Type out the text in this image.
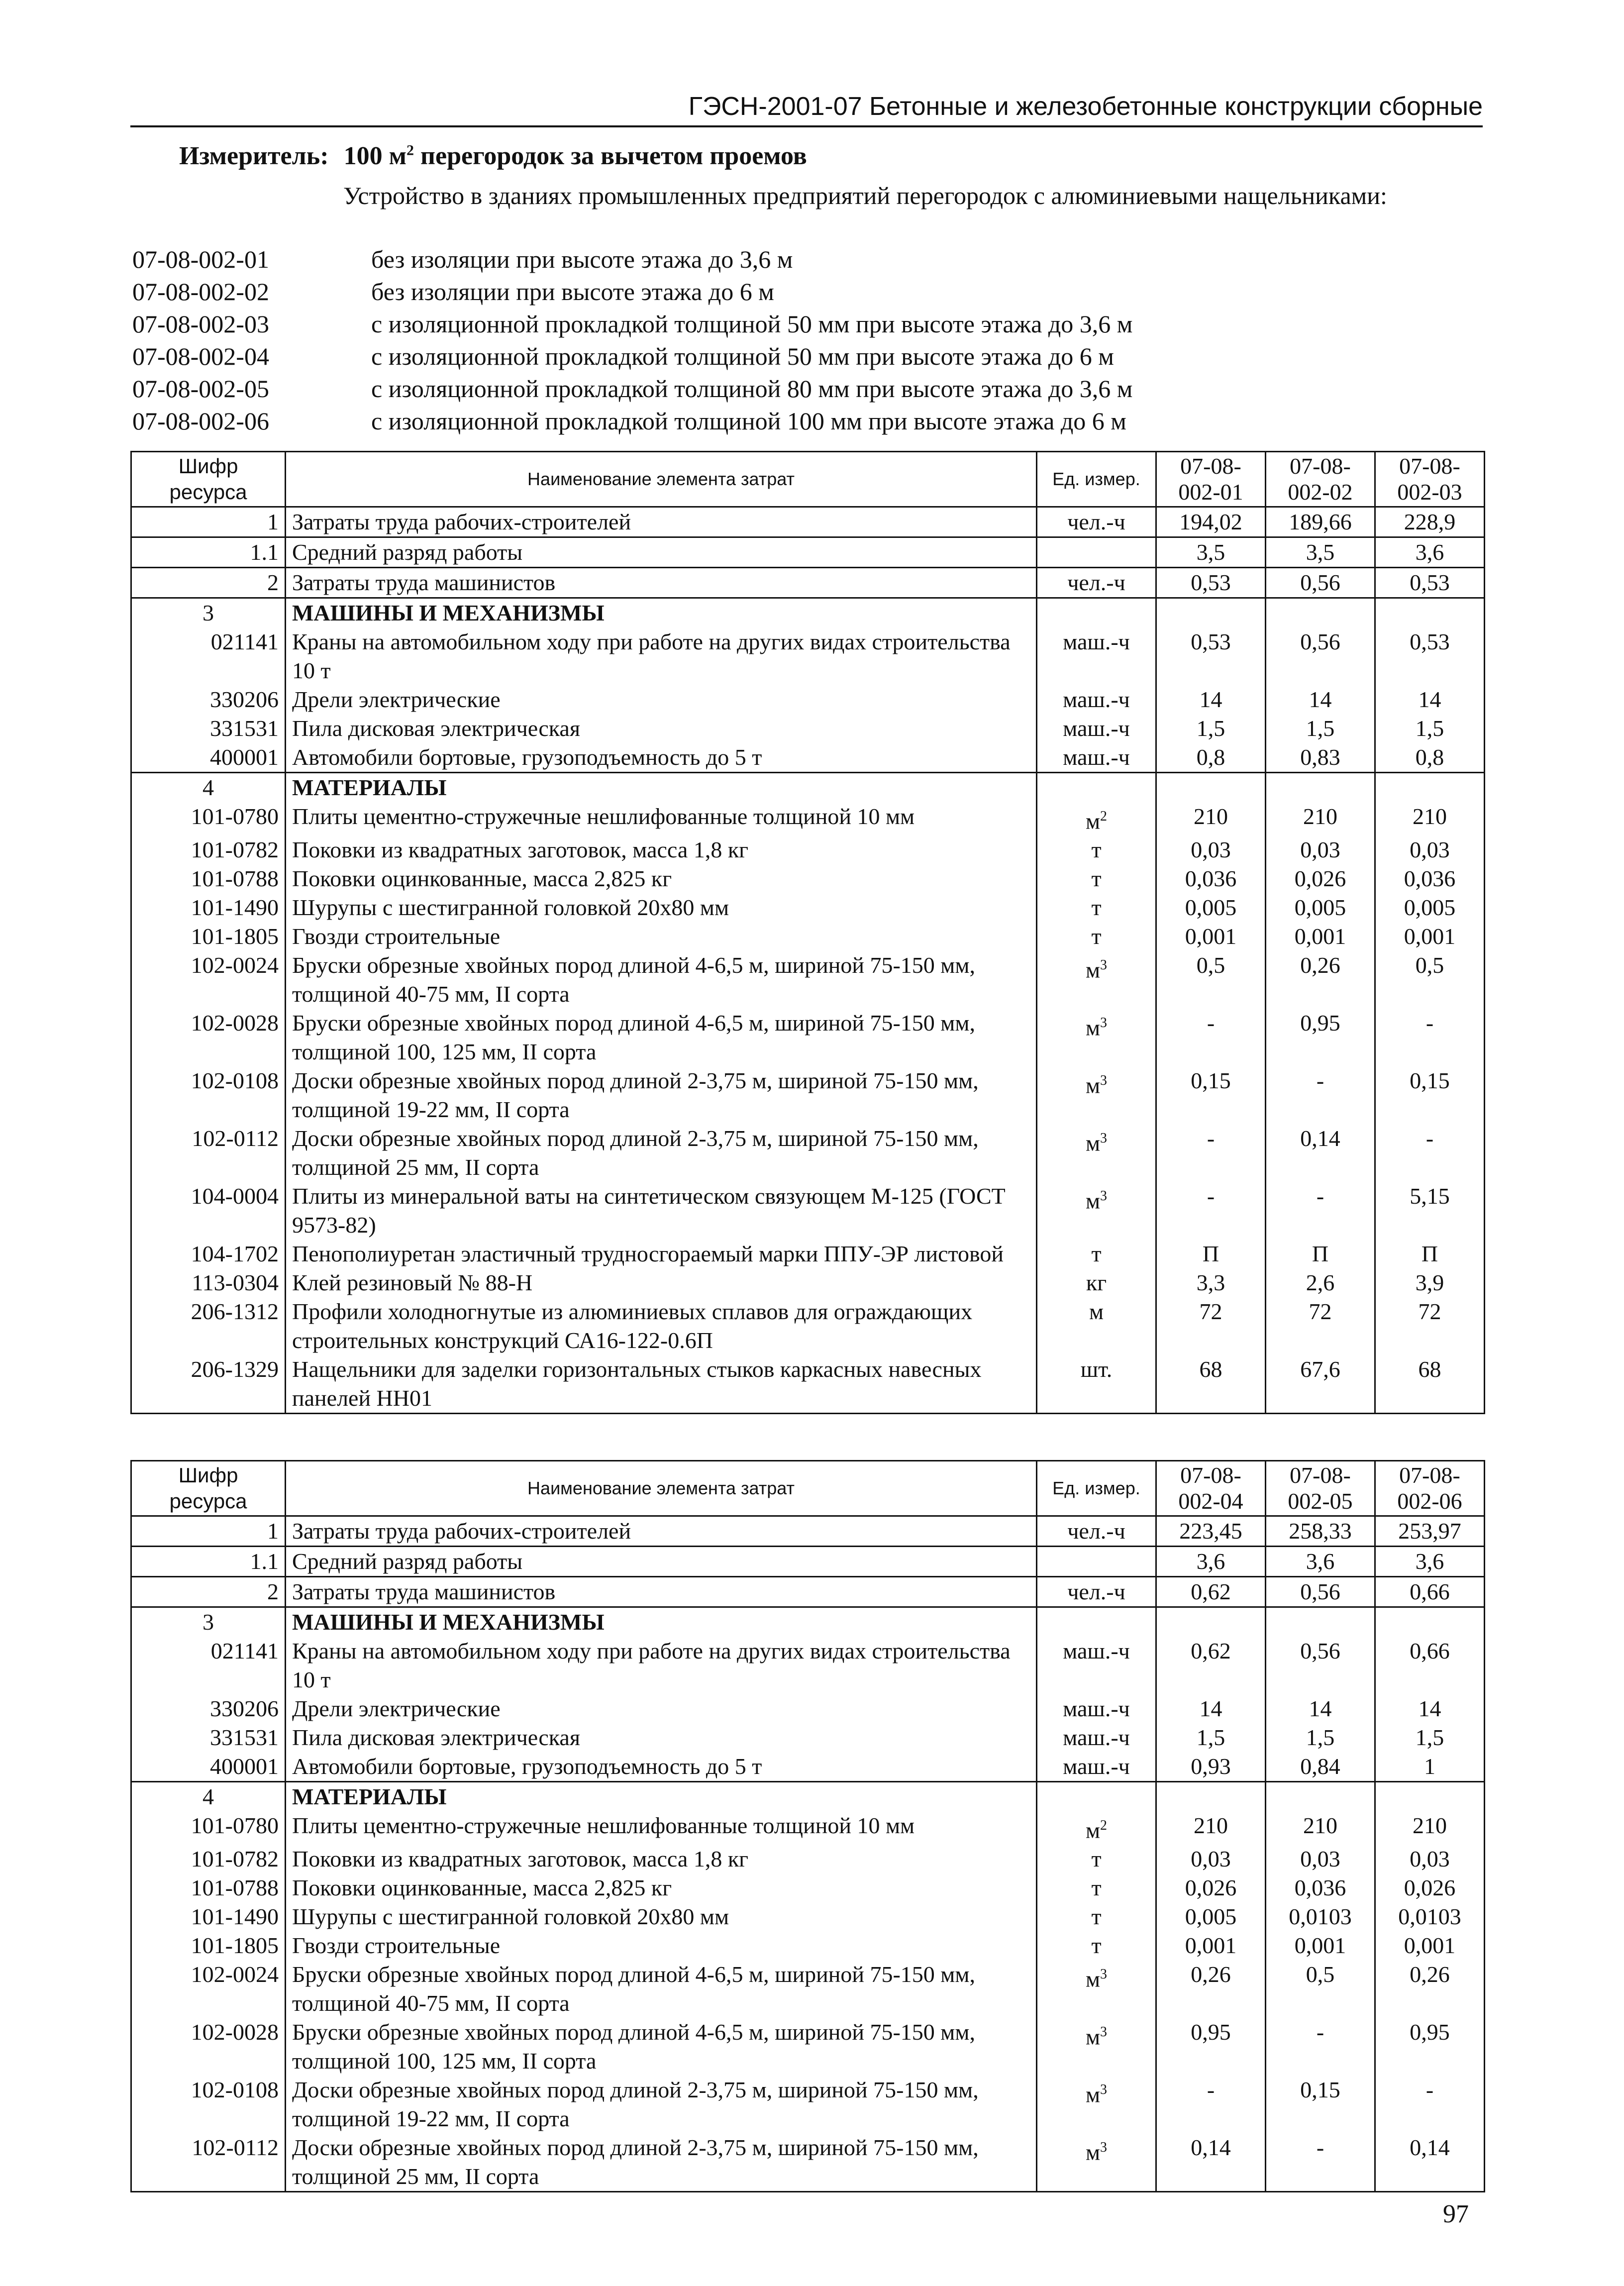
ГЭСН-2001-07 Бетонные и железобетонные конструкции сборные
Измеритель: 100 $м^2$ перегородок за вычетом проемов
Устройство в зданиях промышленных предприятий перегородок с алюминиевыми нащельниками:
07-08-002-01	без изоляции при высоте этажа до 3,6 м
07-08-002-02	без изоляции при высоте этажа до 6 м
07-08-002-03	с изоляционной прокладкой толщиной 50 мм при высоте этажа до 3,6 м
07-08-002-04	с изоляционной прокладкой толщиной 50 мм при высоте этажа до 6 м
07-08-002-05	с изоляционной прокладкой толщиной 80 мм при высоте этажа до 3,6 м
07-08-002-06	с изоляционной прокладкой толщиной 100 мм при высоте этажа до 6 м
Шифр ресурса	Наименование элемента затрат	Ед. измер.	07-08-002-01	07-08-002-02	07-08-002-03
1	Затраты труда рабочих-строителей	чел.-ч	194,02	189,66	228,9
1.1	Средний разряд работы		3,5	3,5	3,6
2	Затраты труда машинистов	чел.-ч	0,53	0,56	0,53
3	МАШИНЫ И МЕХАНИЗМЫ				
021141	Краны на автомобильном ходу при работе на других видах строительства 10 т	маш.-ч	0,53	0,56	0,53
330206	Дрели электрические	маш.-ч	14	14	14
331531	Пила дисковая электрическая	маш.-ч	1,5	1,5	1,5
400001	Автомобили бортовые, грузоподъемность до 5 т	маш.-ч	0,8	0,83	0,8
4	МАТЕРИАЛЫ				
101-0780	Плиты цементно-стружечные нешлифованные толщиной 10 мм	$м^2$	210	210	210
101-0782	Поковки из квадратных заготовок, масса 1,8 кг	т	0,03	0,03	0,03
101-0788	Поковки оцинкованные, масса 2,825 кг	т	0,036	0,026	0,036
101-1490	Шурупы с шестигранной головкой 20х80 мм	т	0,005	0,005	0,005
101-1805	Гвозди строительные	т	0,001	0,001	0,001
102-0024	Бруски обрезные хвойных пород длиной 4-6,5 м, шириной 75-150 мм, толщиной 40-75 мм, II сорта	$м^3$	0,5	0,26	0,5
102-0028	Бруски обрезные хвойных пород длиной 4-6,5 м, шириной 75-150 мм, толщиной 100, 125 мм, II сорта	$м^3$	-	0,95	-
102-0108	Доски обрезные хвойных пород длиной 2-3,75 м, шириной 75-150 мм, толщиной 19-22 мм, II сорта	$м^3$	0,15	-	0,15
102-0112	Доски обрезные хвойных пород длиной 2-3,75 м, шириной 75-150 мм, толщиной 25 мм, II сорта	$м^3$	-	0,14	-
104-0004	Плиты из минеральной ваты на синтетическом связующем М-125 (ГОСТ 9573-82)	$м^3$	-	-	5,15
104-1702	Пенополиуретан эластичный трудносгораемый марки ППУ-ЭР листовой	т	П	П	П
113-0304	Клей резиновый № 88-Н	кг	3,3	2,6	3,9
206-1312	Профили холодногнутые из алюминиевых сплавов для ограждающих строительных конструкций СА16-122-0.6П	м	72	72	72
206-1329	Нащельники для заделки горизонтальных стыков каркасных навесных панелей НН01	шт.	68	67,6	68
Шифр ресурса	Наименование элемента затрат	Ед. измер.	07-08-002-04	07-08-002-05	07-08-002-06
1	Затраты труда рабочих-строителей	чел.-ч	223,45	258,33	253,97
1.1	Средний разряд работы		3,6	3,6	3,6
2	Затраты труда машинистов	чел.-ч	0,62	0,56	0,66
3	МАШИНЫ И МЕХАНИЗМЫ				
021141	Краны на автомобильном ходу при работе на других видах строительства 10 т	маш.-ч	0,62	0,56	0,66
330206	Дрели электрические	маш.-ч	14	14	14
331531	Пила дисковая электрическая	маш.-ч	1,5	1,5	1,5
400001	Автомобили бортовые, грузоподъемность до 5 т	маш.-ч	0,93	0,84	1
4	МАТЕРИАЛЫ				
101-0780	Плиты цементно-стружечные нешлифованные толщиной 10 мм	$м^2$	210	210	210
101-0782	Поковки из квадратных заготовок, масса 1,8 кг	т	0,03	0,03	0,03
101-0788	Поковки оцинкованные, масса 2,825 кг	т	0,026	0,036	0,026
101-1490	Шурупы с шестигранной головкой 20х80 мм	т	0,005	0,0103	0,0103
101-1805	Гвозди строительные	т	0,001	0,001	0,001
102-0024	Бруски обрезные хвойных пород длиной 4-6,5 м, шириной 75-150 мм, толщиной 40-75 мм, II сорта	$м^3$	0,26	0,5	0,26
102-0028	Бруски обрезные хвойных пород длиной 4-6,5 м, шириной 75-150 мм, толщиной 100, 125 мм, II сорта	$м^3$	0,95	-	0,95
102-0108	Доски обрезные хвойных пород длиной 2-3,75 м, шириной 75-150 мм, толщиной 19-22 мм, II сорта	$м^3$	-	0,15	-
102-0112	Доски обрезные хвойных пород длиной 2-3,75 м, шириной 75-150 мм, толщиной 25 мм, II сорта	$м^3$	0,14	-	0,14
97
